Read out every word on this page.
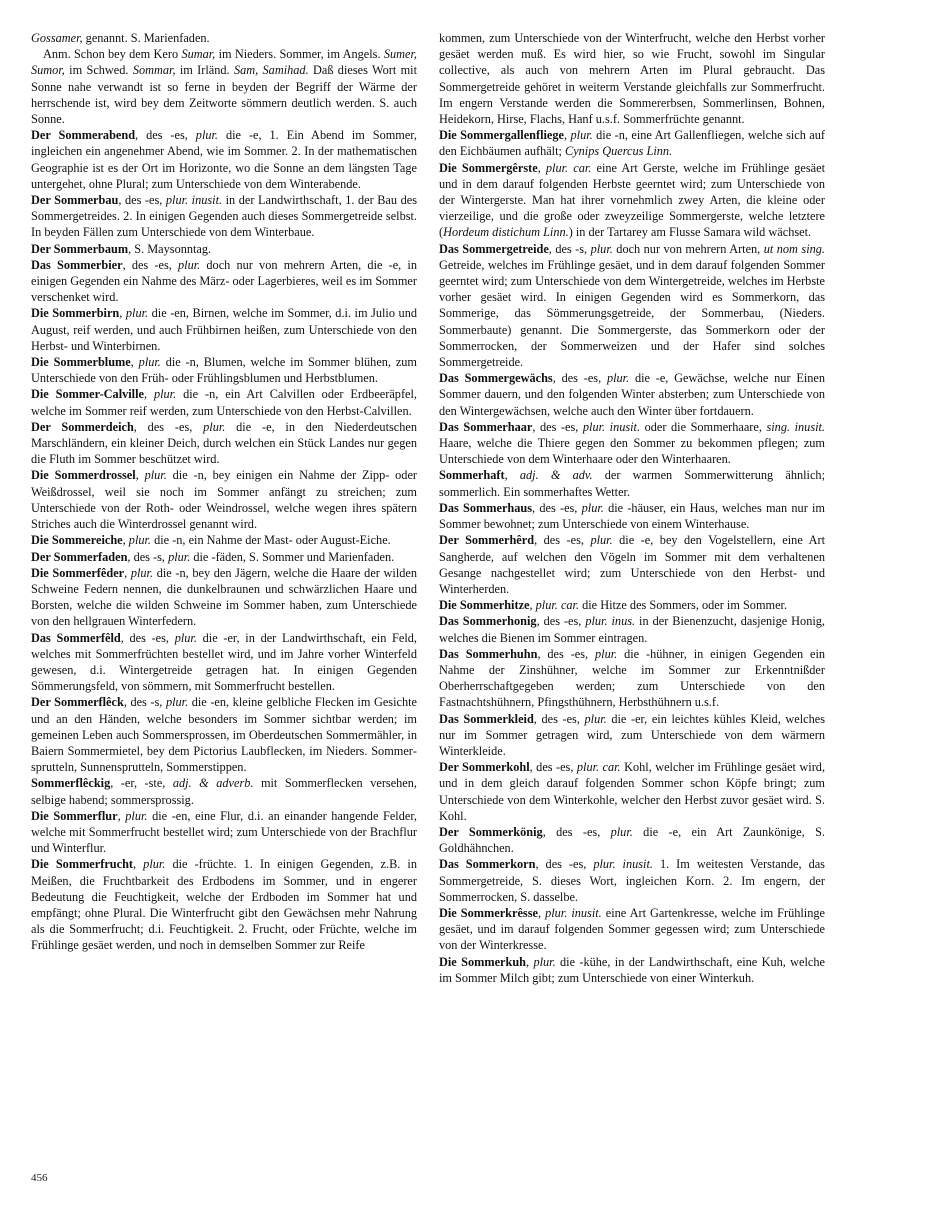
Gossamer, genannt. S. Marienfaden.

Anm. Schon bey dem Kero Sumar, im Nieders. Sommer, im Angels. Sumer, Sumor, im Schwed. Sommar, im Irländ. Sam, Samihad. Daß dieses Wort mit Sonne nahe verwandt ist so ferne in beyden der Begriff der Wärme der herrschende ist, wird bey dem Zeitworte sömmern deutlich werden. S. auch Sonne.

Der Sommerabend, des -es, plur. die -e, 1. Ein Abend im Sommer, ingleichen ein angenehmer Abend, wie im Sommer. 2. In der mathematischen Geographie ist es der Ort im Horizonte, wo die Sonne an dem längsten Tage untergehet, ohne Plural; zum Unterschiede von dem Winterabende.

Der Sommerbau, des -es, plur. inusit. in der Landwirthschaft, 1. der Bau des Sommergetreides. 2. In einigen Gegenden auch dieses Sommergetreide selbst. In beyden Fällen zum Unterschiede von dem Winterbaue.

Der Sommerbaum, S. Maysonntag.

Das Sommerbier, des -es, plur. doch nur von mehrern Arten, die -e, in einigen Gegenden ein Nahme des März- oder Lagerbieres, weil es im Sommer verschenket wird.

Die Sommerbirn, plur. die -en, Birnen, welche im Sommer, d.i. im Julio und August, reif werden, und auch Frühbirnen heißen, zum Unterschiede von den Herbst- und Winterbirnen.

Die Sommerblume, plur. die -n, Blumen, welche im Sommer blühen, zum Unterschiede von den Früh- oder Frühlingsblumen und Herbstblumen.

Die Sommer-Calville, plur. die -n, ein Art Calvillen oder Erdbeeräpfel, welche im Sommer reif werden, zum Unterschiede von den Herbst-Calvillen.

Der Sommerdeich, des -es, plur. die -e, in den Niederdeutschen Marschländern, ein kleiner Deich, durch welchen ein Stück Landes nur gegen die Fluth im Sommer beschützet wird.

Die Sommerdrossel, plur. die -n, bey einigen ein Nahme der Zipp- oder Weißdrossel, weil sie noch im Sommer anfängt zu streichen; zum Unterschiede von der Roth- oder Weindrossel, welche wegen ihres spätern Striches auch die Winterdrossel genannt wird.

Die Sommereiche, plur. die -n, ein Nahme der Mast- oder August-Eiche.

Der Sommerfaden, des -s, plur. die -fäden, S. Sommer und Marienfaden.

Die Sommerfêder, plur. die -n, bey den Jägern, welche die Haare der wilden Schweine Federn nennen, die dunkelbraunen und schwärzlichen Haare und Borsten, welche die wilden Schweine im Sommer haben, zum Unterschiede von den hellgrauen Winterfedern.

Das Sommerfêld, des -es, plur. die -er, in der Landwirthschaft, ein Feld, welches mit Sommerfrüchten bestellet wird, und im Jahre vorher Winterfeld gewesen, d.i. Wintergetreide getragen hat. In einigen Gegenden Sömmerungsfeld, von sömmern, mit Sommerfrucht bestellen.

Der Sommerflêck, des -s, plur. die -en, kleine gelbliche Flecken im Gesichte und an den Händen, welche besonders im Sommer sichtbar werden; im gemeinen Leben auch Sommersprossen, im Oberdeutschen Sommermähler, in Baiern Sommermietel, bey dem Pictorius Laubflecken, im Nieders. Sommersprutteln, Sunnensprutteln, Sommerstippen.

Sommerflêckig, -er, -ste, adj. & adverb. mit Sommerflecken versehen, selbige habend; sommersprossig.

Die Sommerflur, plur. die -en, eine Flur, d.i. an einander hangende Felder, welche mit Sommerfrucht bestellet wird; zum Unterschiede von der Brachflur und Winterflur.

Die Sommerfrucht, plur. die -früchte. 1. In einigen Gegenden, z.B. in Meißen, die Fruchtbarkeit des Erdbodens im Sommer, und in engerer Bedeutung die Feuchtigkeit, welche der Erdboden im Sommer hat und empfängt; ohne Plural. Die Winterfrucht gibt den Gewächsen mehr Nahrung als die Sommerfrucht; d.i. Feuchtigkeit. 2. Frucht, oder Früchte, welche im Frühlinge gesäet werden, und noch in demselben Sommer zur Reife

kommen, zum Unterschiede von der Winterfrucht, welche den Herbst vorher gesäet werden muß. Es wird hier, so wie Frucht, sowohl im Singular collective, als auch von mehrern Arten im Plural gebraucht. Das Sommergetreide gehöret in weiterm Verstande gleichfalls zur Sommerfrucht. Im engern Verstande werden die Sommererbsen, Sommerlinsen, Bohnen, Heidekorn, Hirse, Flachs, Hanf u.s.f. Sommerfrüchte genannt.

Die Sommergallenfliege, plur. die -n, eine Art Gallenfliegen, welche sich auf den Eichbäumen aufhält; Cynips Quercus Linn.

Die Sommergêrste, plur. car. eine Art Gerste, welche im Frühlinge gesäet und in dem darauf folgenden Herbste geerntet wird; zum Unterschiede von der Wintergerste. Man hat ihrer vornehmlich zwey Arten, die kleine oder vierzeilige, und die große oder zweyzeilige Sommergerste, welche letztere (Hordeum distichum Linn.) in der Tartarey am Flusse Samara wild wächset.

Das Sommergetreide, des -s, plur. doch nur von mehrern Arten, ut nom sing. Getreide, welches im Frühlinge gesäet, und in dem darauf folgenden Sommer geerntet wird; zum Unterschiede von dem Wintergetreide, welches im Herbste vorher gesäet wird. In einigen Gegenden wird es Sommerkorn, das Sommerige, das Sömmerungsgetreide, der Sommerbau, (Nieders. Sommerbaute) genannt. Die Sommergerste, das Sommerkorn oder der Sommerrocken, der Sommerweizen und der Hafer sind solches Sommergetreide.

Das Sommergewächs, des -es, plur. die -e, Gewächse, welche nur Einen Sommer dauern, und den folgenden Winter absterben; zum Unterschiede von den Wintergewächsen, welche auch den Winter über fortdauern.

Das Sommerhaar, des -es, plur. inusit. oder die Sommerhaare, sing. inusit. Haare, welche die Thiere gegen den Sommer zu bekommen pflegen; zum Unterschiede von dem Winterhaare oder den Winterhaaren.

Sommerhaft, adj. & adv. der warmen Sommerwitterung ähnlich; sommerlich. Ein sommerhaftes Wetter.

Das Sommerhaus, des -es, plur. die -häuser, ein Haus, welches man nur im Sommer bewohnet; zum Unterschiede von einem Winterhause.

Der Sommerhêrd, des -es, plur. die -e, bey den Vogelstellern, eine Art Sangherde, auf welchen den Vögeln im Sommer mit dem verhaltenen Gesange nachgestellet wird; zum Unterschiede von den Herbst- und Winterherden.

Die Sommerhitze, plur. car. die Hitze des Sommers, oder im Sommer.

Das Sommerhonig, des -es, plur. inus. in der Bienenzucht, dasjenige Honig, welches die Bienen im Sommer eintragen.

Das Sommerhuhn, des -es, plur. die -hühner, in einigen Gegenden ein Nahme der Zinshühner, welche im Sommer zur Erkenntnißder Oberherrschaftgegeben werden; zum Unterschiede von den Fastnachtshühnern, Pfingsthühnern, Herbsthühnern u.s.f.

Das Sommerkleid, des -es, plur. die -er, ein leichtes kühles Kleid, welches nur im Sommer getragen wird, zum Unterschiede von dem wärmern Winterkleide.

Der Sommerkohl, des -es, plur. car. Kohl, welcher im Frühlinge gesäet wird, und in dem gleich darauf folgenden Sommer schon Köpfe bringt; zum Unterschiede von dem Winterkohle, welcher den Herbst zuvor gesäet wird. S. Kohl.

Der Sommerkönig, des -es, plur. die -e, ein Art Zaunkönige, S. Goldhähnchen.

Das Sommerkorn, des -es, plur. inusit. 1. Im weitesten Verstande, das Sommergetreide, S. dieses Wort, ingleichen Korn. 2. Im engern, der Sommerrocken, S. dasselbe.

Die Sommerkrêsse, plur. inusit. eine Art Gartenkresse, welche im Frühlinge gesäet, und im darauf folgenden Sommer gegessen wird; zum Unterschiede von der Winterkresse.

Die Sommerkuh, plur. die -kühe, in der Landwirthschaft, eine Kuh, welche im Sommer Milch gibt; zum Unterschiede von einer Winterkuh.

456
